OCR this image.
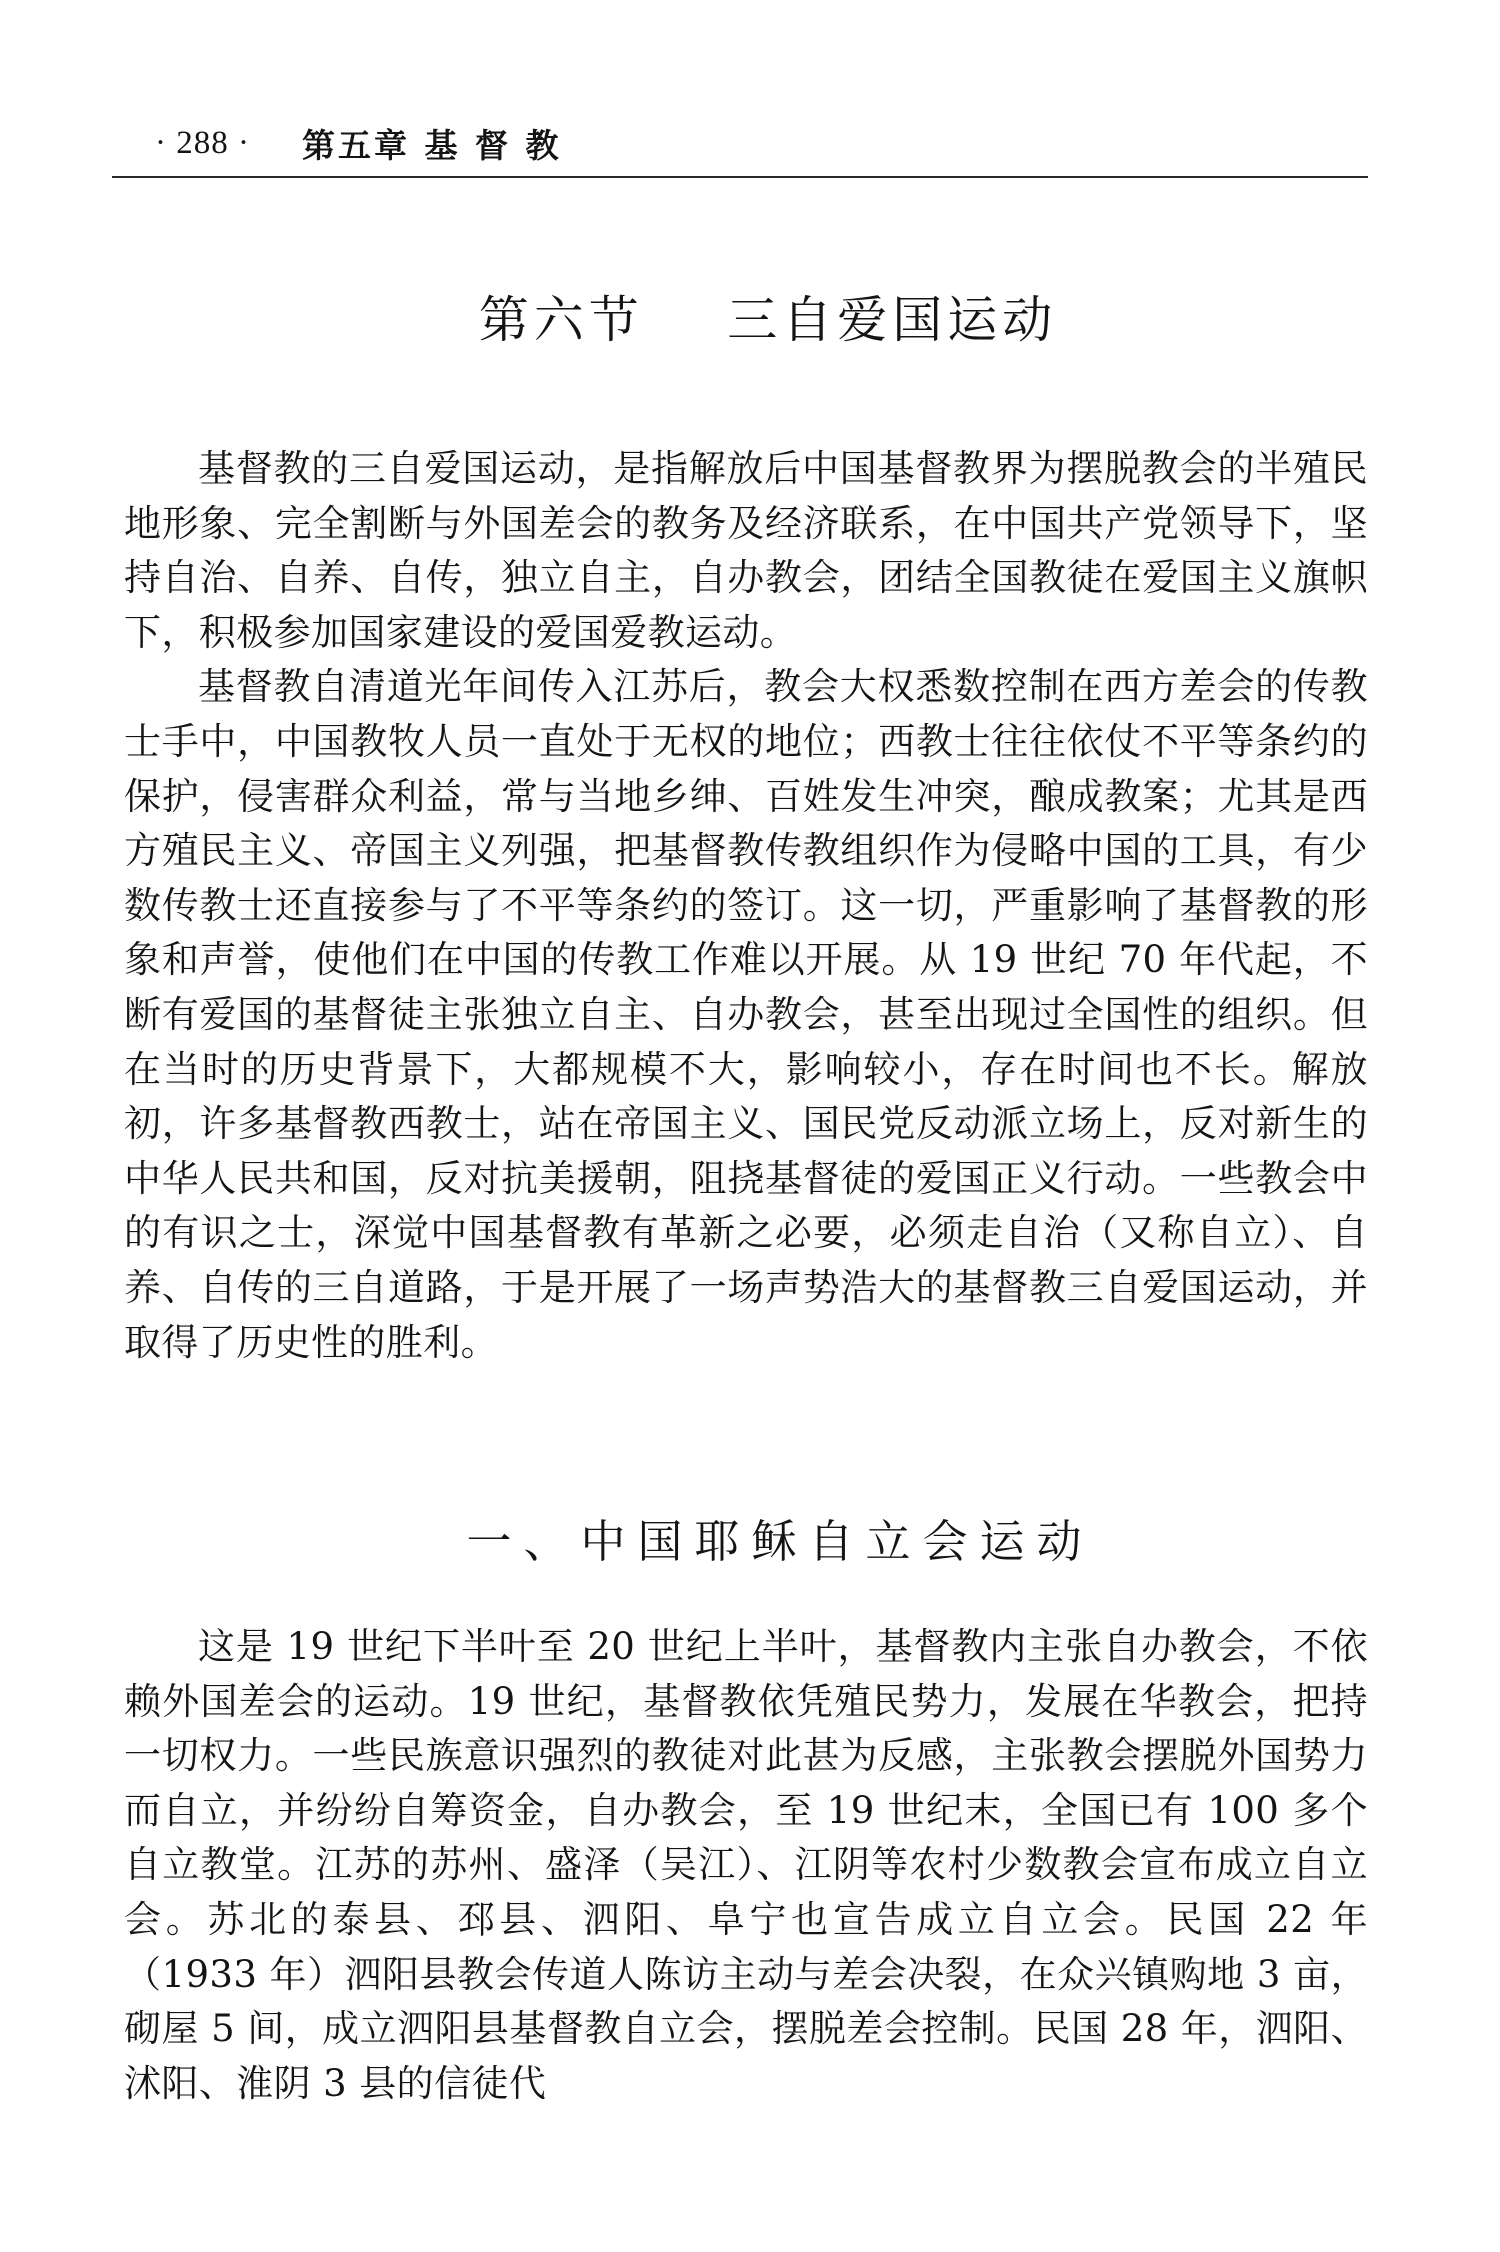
· 288 · 第五章 基 督 教
第六节    三自爱国运动

基督教的三自爱国运动，是指解放后中国基督教界为摆脱教会的半殖民地形象、完全割断与外国差会的教务及经济联系，在中国共产党领导下，坚持自治、自养、自传，独立自主，自办教会，团结全国教徒在爱国主义旗帜下，积极参加国家建设的爱国爱教运动。

基督教自清道光年间传入江苏后，教会大权悉数控制在西方差会的传教士手中，中国教牧人员一直处于无权的地位；西教士往往依仗不平等条约的保护，侵害群众利益，常与当地乡绅、百姓发生冲突，酿成教案；尤其是西方殖民主义、帝国主义列强，把基督教传教组织作为侵略中国的工具，有少数传教士还直接参与了不平等条约的签订。这一切，严重影响了基督教的形象和声誉，使他们在中国的传教工作难以开展。从 19 世纪 70 年代起，不断有爱国的基督徒主张独立自主、自办教会，甚至出现过全国性的组织。但在当时的历史背景下，大都规模不大，影响较小，存在时间也不长。解放初，许多基督教西教士，站在帝国主义、国民党反动派立场上，反对新生的中华人民共和国，反对抗美援朝，阻挠基督徒的爱国正义行动。一些教会中的有识之士，深觉中国基督教有革新之必要，必须走自治（又称自立）、自养、自传的三自道路，于是开展了一场声势浩大的基督教三自爱国运动，并取得了历史性的胜利。

一、中国耶稣自立会运动

这是 19 世纪下半叶至 20 世纪上半叶，基督教内主张自办教会，不依赖外国差会的运动。19 世纪，基督教依凭殖民势力，发展在华教会，把持一切权力。一些民族意识强烈的教徒对此甚为反感，主张教会摆脱外国势力而自立，并纷纷自筹资金，自办教会，至 19 世纪末，全国已有 100 多个自立教堂。江苏的苏州、盛泽（吴江）、江阴等农村少数教会宣布成立自立会。苏北的泰县、邳县、泗阳、阜宁也宣告成立自立会。民国 22 年（1933 年）泗阳县教会传道人陈访主动与差会决裂，在众兴镇购地 3 亩，砌屋 5 间，成立泗阳县基督教自立会，摆脱差会控制。民国 28 年，泗阳、沭阳、淮阴 3 县的信徒代
